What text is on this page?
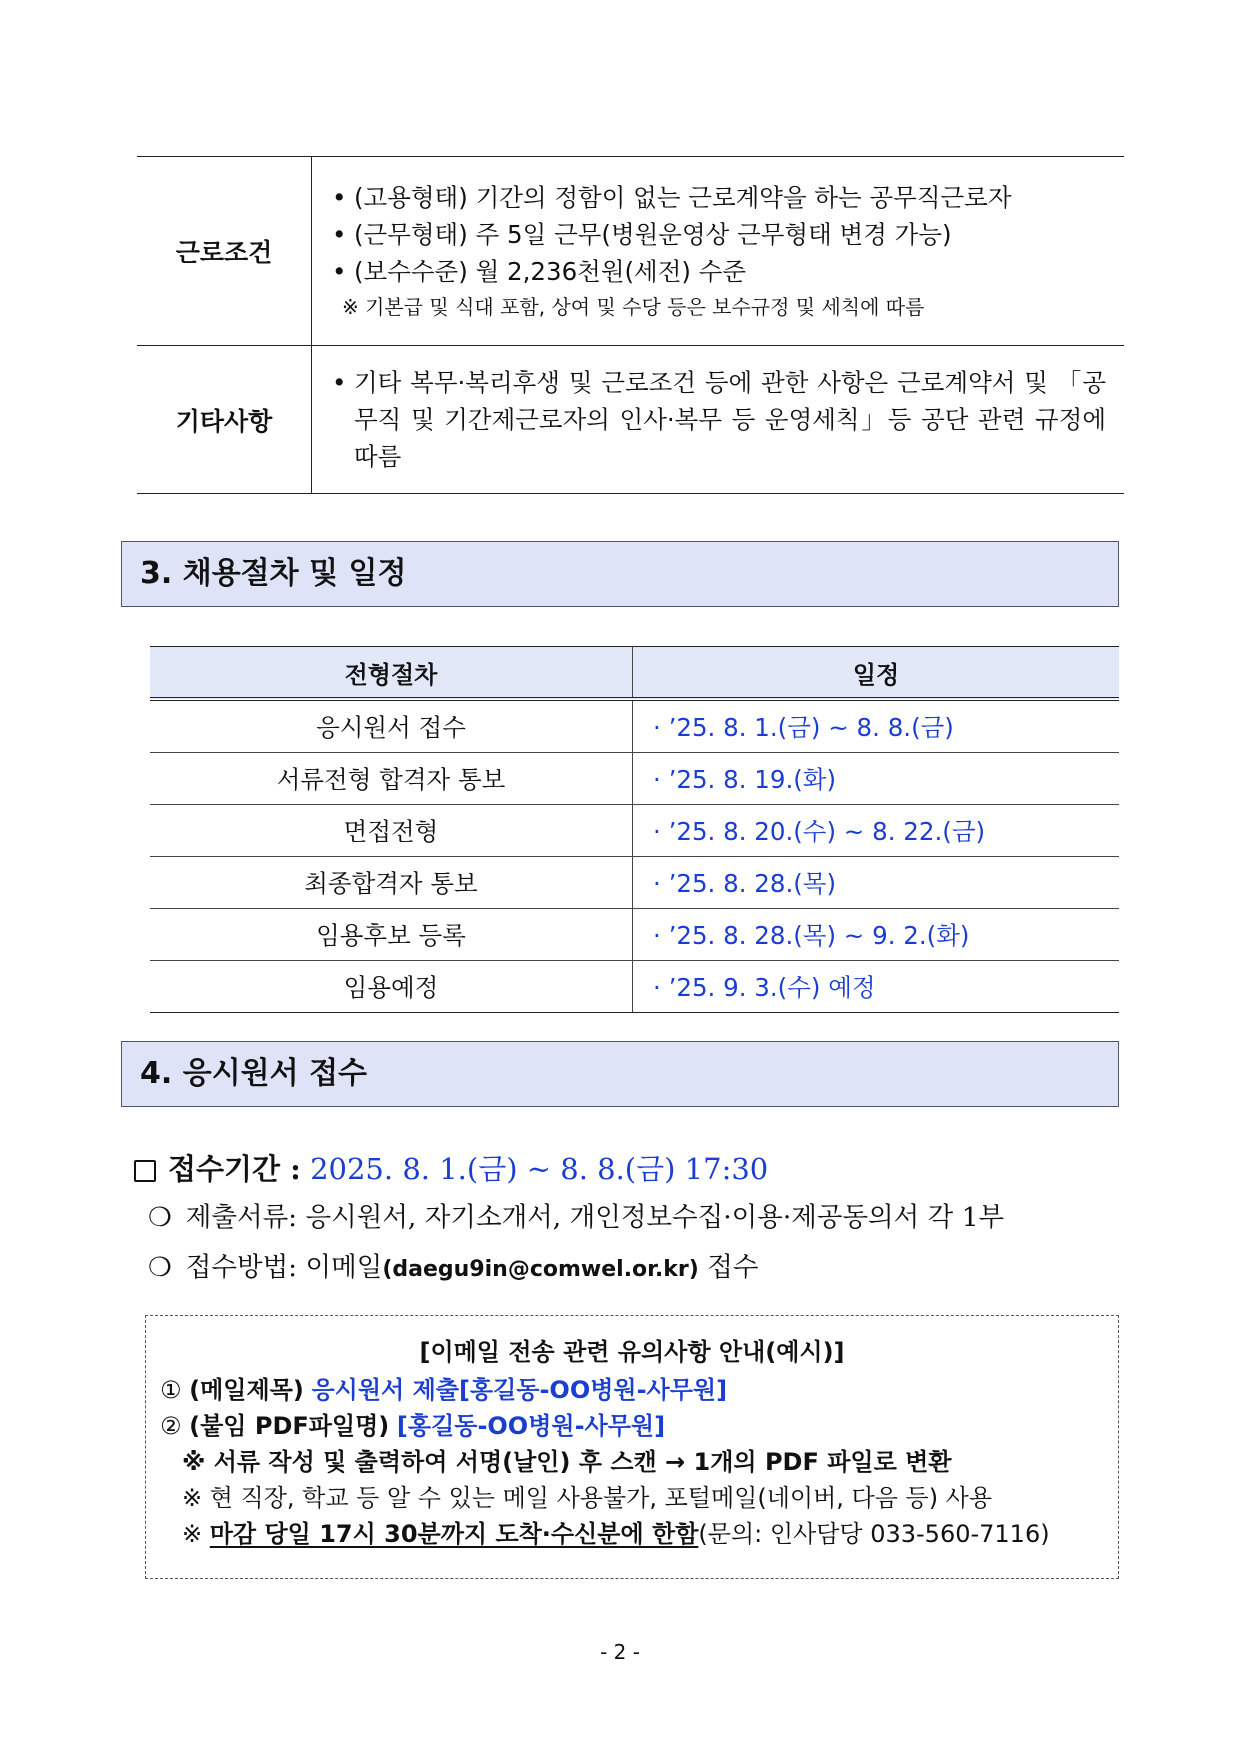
근로조건	• (고용형태) 기간의 정함이 없는 근로계약을 하는 공무직근로자
• (근무형태) 주 5일 근무(병원운영상 근무형태 변경 가능)
• (보수수준) 월 2,236천원(세전) 수준
※ 기본급 및 식대 포함, 상여 및 수당 등은 보수규정 및 세칙에 따름

기타사항	• 기타 복무·복리후생 및 근로조건 등에 관한 사항은 근로계약서 및 「공무직 및 기간제근로자의 인사·복무 등 운영세칙」등 공단 관련 규정에 따름
3. 채용절차 및 일정
전형절차	일정
응시원서 접수	· ’25. 8. 1.(금) ~ 8. 8.(금)
서류전형 합격자 통보	· ’25. 8. 19.(화)
면접전형	· ’25. 8. 20.(수) ~ 8. 22.(금)
최종합격자 통보	· ’25. 8. 28.(목)
임용후보 등록	· ’25. 8. 28.(목) ~ 9. 2.(화)
임용예정	· ’25. 9. 3.(수) 예정
4. 응시원서 접수
접수기간 : 2025. 8. 1.(금) ~ 8. 8.(금) 17:30
❍ 제출서류: 응시원서, 자기소개서, 개인정보수집·이용·제공동의서 각 1부
❍ 접수방법: 이메일(daegu9in@comwel.or.kr) 접수
[이메일 전송 관련 유의사항 안내(예시)]
① (메일제목) 응시원서 제출[홍길동-OO병원-사무원]
② (붙임 PDF파일명) [홍길동-OO병원-사무원]
※ 서류 작성 및 출력하여 서명(날인) 후 스캔 → 1개의 PDF 파일로 변환
※ 현 직장, 학교 등 알 수 있는 메일 사용불가, 포털메일(네이버, 다음 등) 사용
※ 마감 당일 17시 30분까지 도착·수신분에 한함(문의: 인사담당 033-560-7116)
- 2 -
